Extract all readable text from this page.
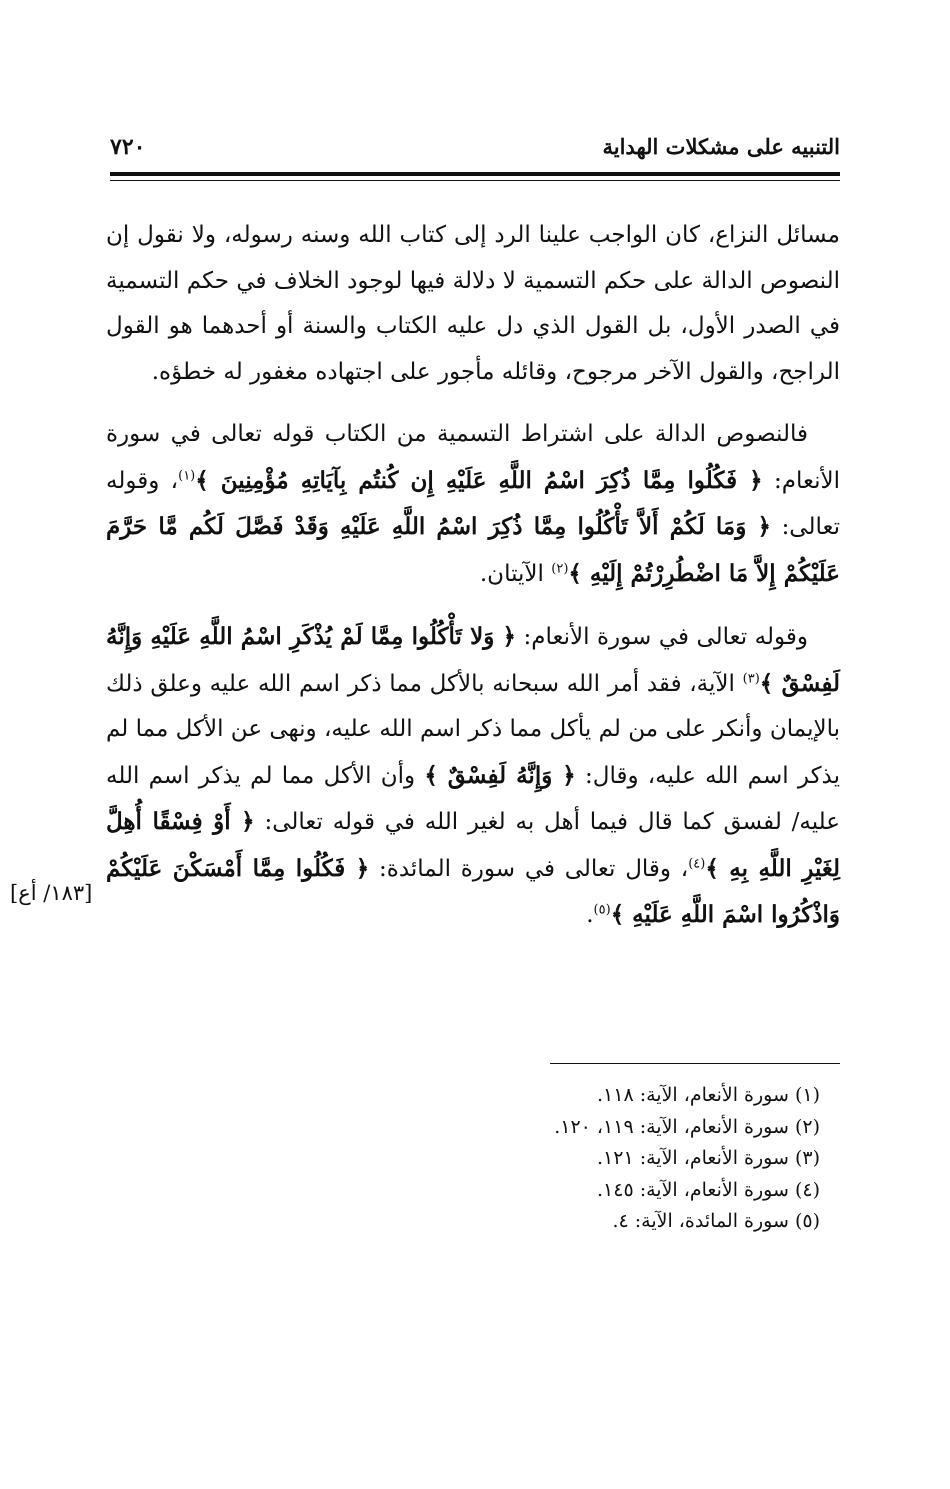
التنبيه على مشكلات الهداية
٧٢٠

مسائل النزاع، كان الواجب علينا الرد إلى كتاب الله وسنه رسوله، ولا نقول إن النصوص الدالة على حكم التسمية لا دلالة فيها لوجود الخلاف في حكم التسمية في الصدر الأول، بل القول الذي دل عليه الكتاب والسنة أو أحدهما هو القول الراجح، والقول الآخر مرجوح، وقائله مأجور على اجتهاده مغفور له خطؤه.

فالنصوص الدالة على اشتراط التسمية من الكتاب قوله تعالى في سورة الأنعام: ﴿ فَكُلُوا مِمَّا ذُكِرَ اسْمُ اللَّهِ عَلَيْهِ إِن كُنتُم بِآيَاتِهِ مُؤْمِنِينَ ﴾$^{(١)}$، وقوله تعالى: ﴿ وَمَا لَكُمْ أَلاَّ تَأْكُلُوا مِمَّا ذُكِرَ اسْمُ اللَّهِ عَلَيْهِ وَقَدْ فَصَّلَ لَكُم مَّا حَرَّمَ عَلَيْكُمْ إِلاَّ مَا اضْطُرِرْتُمْ إِلَيْهِ ﴾$^{(٢)}$ الآيتان.

وقوله تعالى في سورة الأنعام: ﴿ وَلا تَأْكُلُوا مِمَّا لَمْ يُذْكَرِ اسْمُ اللَّهِ عَلَيْهِ وَإِنَّهُ لَفِسْقٌ ﴾$^{(٣)}$ الآية، فقد أمر الله سبحانه بالأكل مما ذكر اسم الله عليه وعلق ذلك بالإيمان وأنكر على من لم يأكل مما ذكر اسم الله عليه، ونهى عن الأكل مما لم يذكر اسم الله عليه، وقال: ﴿ وَإِنَّهُ لَفِسْقٌ ﴾ وأن الأكل مما لم يذكر اسم الله عليه/ لفسق كما قال فيما أهل به لغير الله في قوله تعالى: ﴿ أَوْ فِسْقًا أُهِلَّ لِغَيْرِ اللَّهِ بِهِ ﴾$^{(٤)}$، وقال تعالى في سورة المائدة: ﴿ فَكُلُوا مِمَّا أَمْسَكْنَ عَلَيْكُمْ وَاذْكُرُوا اسْمَ اللَّهِ عَلَيْهِ ﴾$^{(٥)}$.

[١٨٣/ أع]

(١) سورة الأنعام، الآية: ١١٨.

(٢) سورة الأنعام، الآية: ١١٩، ١٢٠.

(٣) سورة الأنعام، الآية: ١٢١.

(٤) سورة الأنعام، الآية: ١٤٥.

(٥) سورة المائدة، الآية: ٤.
